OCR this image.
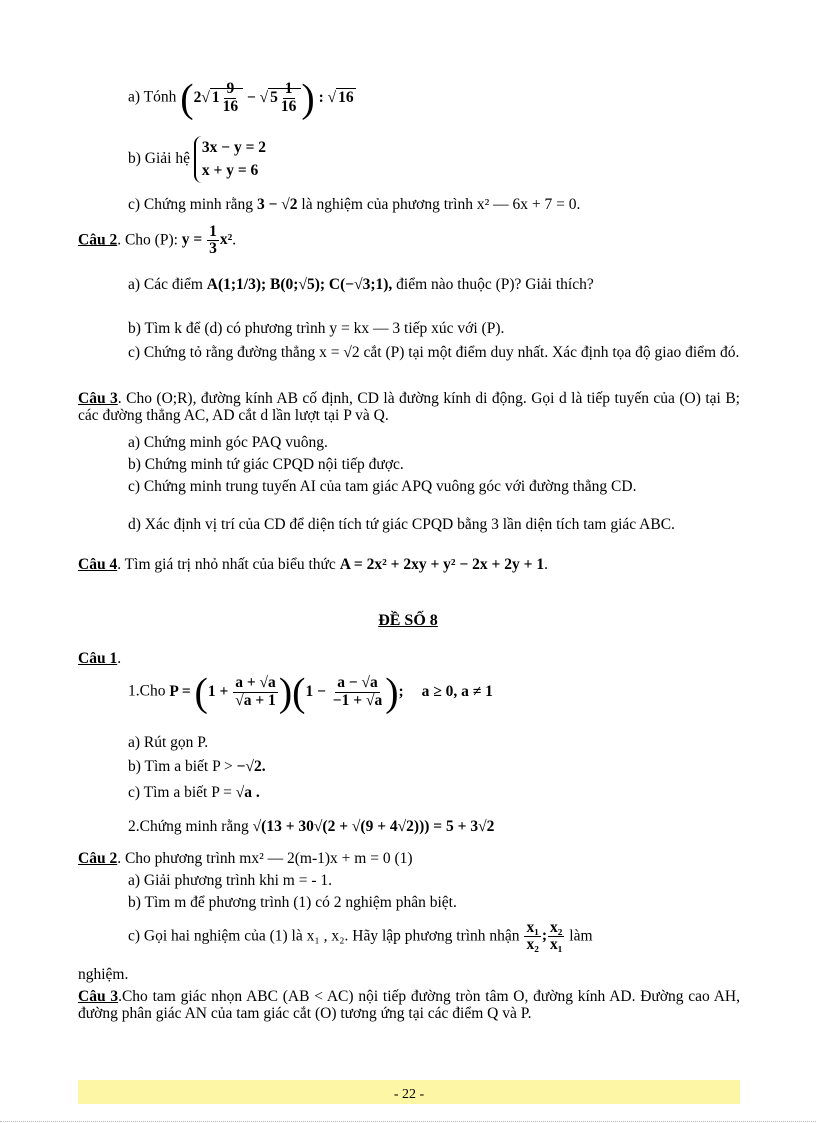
a) Tónh (2√ $1 \frac{9}{16}$ − √ $5 \frac{1}{16}$ ) : √ 16
b) Giải hệ
3x − y = 2
x + y = 6
c) Chứng minh rằng 3 − √2 là nghiệm của phương trình x² — 6x + 7 = 0.
Câu 2. Cho (P): $y = \frac{1}{3} x^2$.
a) Các điểm A(1;1/3); B(0;√5); C(−√3;1), điểm nào thuộc (P)? Giải thích?
b) Tìm k để (d) có phương trình y = kx — 3 tiếp xúc với (P).
c) Chứng tỏ rằng đường thẳng x = √2 cắt (P) tại một điểm duy nhất. Xác định tọa độ giao điểm đó.
Câu 3. Cho (O;R), đường kính AB cố định, CD là đường kính di động. Gọi d là tiếp tuyến của (O) tại B; các đường thẳng AC, AD cắt d lần lượt tại P và Q.
a) Chứng minh góc PAQ vuông.
b) Chứng minh tứ giác CPQD nội tiếp được.
c) Chứng minh trung tuyến AI của tam giác APQ vuông góc với đường thẳng CD.
d) Xác định vị trí của CD để diện tích tứ giác CPQD bằng 3 lần diện tích tam giác ABC.
Câu 4. Tìm giá trị nhỏ nhất của biểu thức A = 2x² + 2xy + y² − 2x + 2y + 1.
ĐỀ SỐ 8
Câu 1.
1.Cho $P = (1 + \frac{a + √a}{√a + 1} )(1 - \frac{a - √a}{-1 + √a}$ ); a ≥ 0, a ≠ 1
a) Rút gọn P.
b) Tìm a biết P > −√2.
c) Tìm a biết P = √a .
2.Chứng minh rằng √(13 + 30√(2 + √(9 + 4√2))) = 5 + 3√2
Câu 2. Cho phương trình mx² — 2(m-1)x + m = 0 (1)
a) Giải phương trình khi m = - 1.
b) Tìm m để phương trình (1) có 2 nghiệm phân biệt.
c) Gọi hai nghiệm của (1) là x₁ , x₂. Hãy lập phương trình nhận $\frac{\text{x₁}}{\text{x₂}}$ ; $\frac{\text{x₂}}{\text{x₁}}$ làm
nghiệm.
Câu 3.Cho tam giác nhọn ABC (AB < AC) nội tiếp đường tròn tâm O, đường kính AD. Đường cao AH, đường phân giác AN của tam giác cắt (O) tương ứng tại các điểm Q và P.
- 22 -
